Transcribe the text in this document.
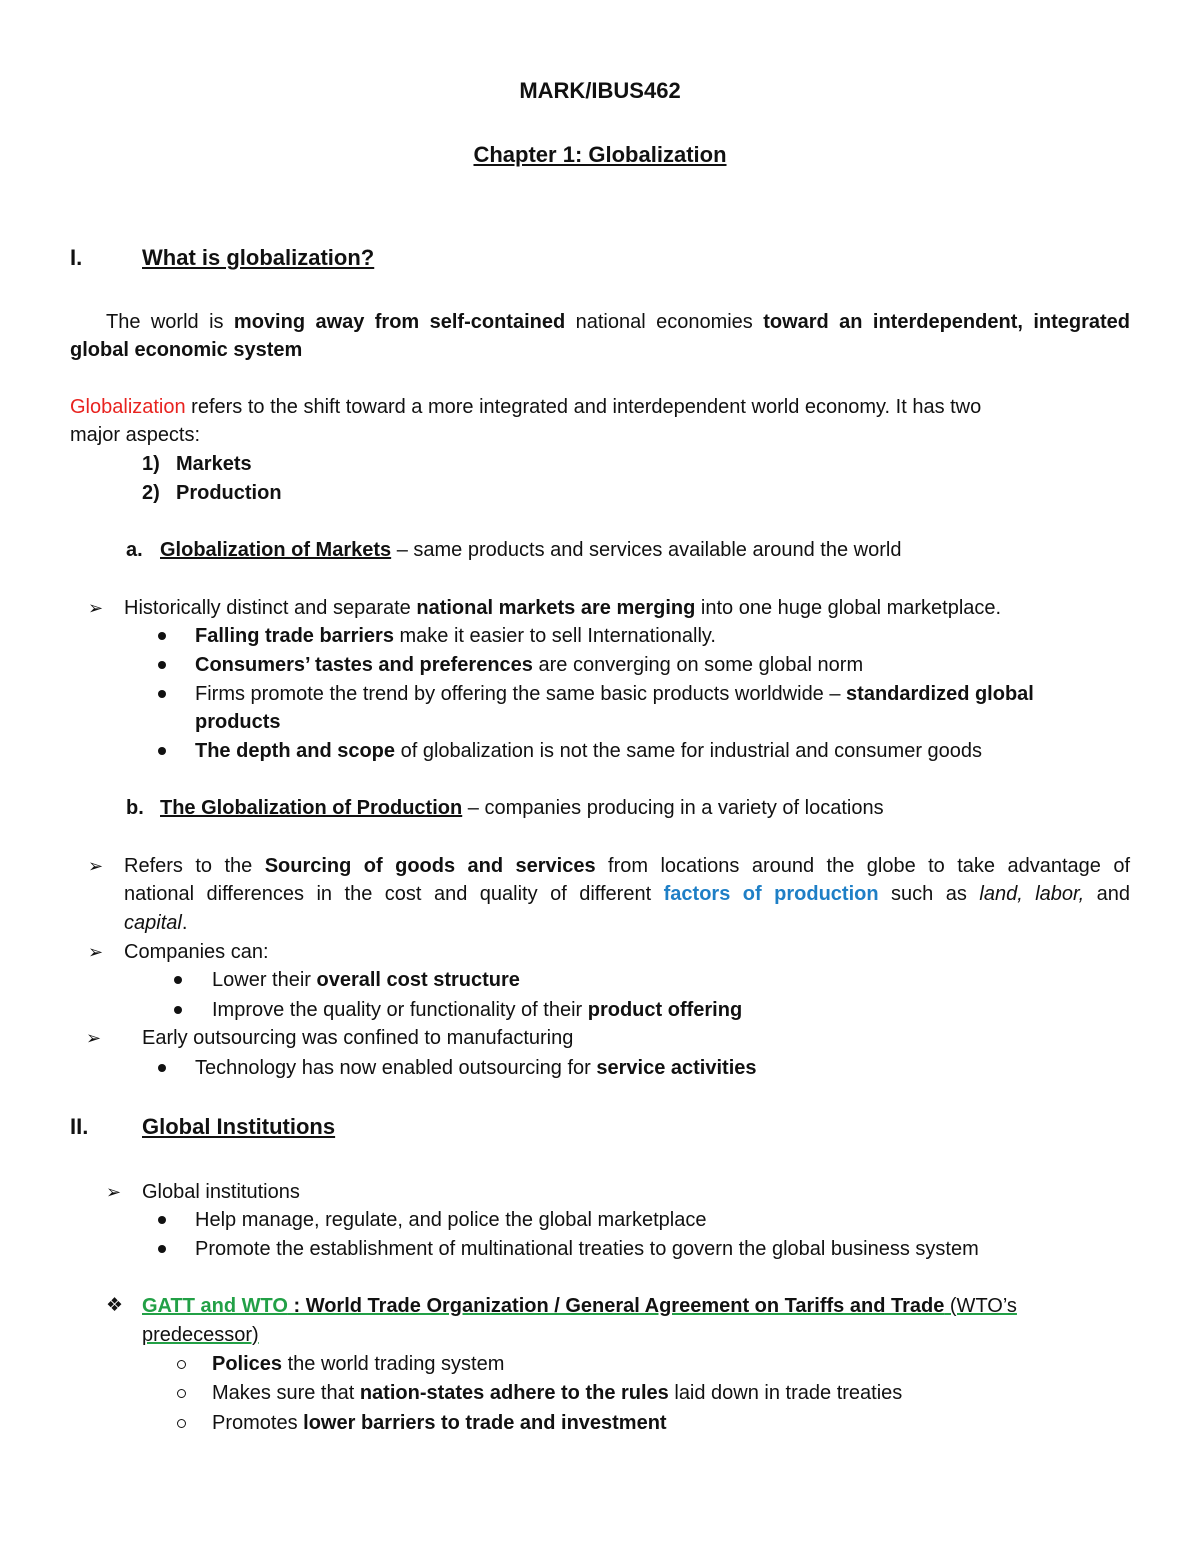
MARK/IBUS462
Chapter 1: Globalization
I.	What is globalization?
The world is moving away from self-contained national economies toward an interdependent, integrated
global economic system
Globalization refers to the shift toward a more integrated and interdependent world economy. It has two
major aspects:
1) Markets
2) Production
a. Globalization of Markets – same products and services available around the world
➢ Historically distinct and separate national markets are merging into one huge global marketplace.
Falling trade barriers make it easier to sell Internationally.
Consumers’ tastes and preferences are converging on some global norm
Firms promote the trend by offering the same basic products worldwide – standardized global
products
The depth and scope of globalization is not the same for industrial and consumer goods
b. The Globalization of Production – companies producing in a variety of locations
➢ Refers to the Sourcing of goods and services from locations around the globe to take advantage of
national differences in the cost and quality of different factors of production such as land, labor, and
capital.
➢ Companies can:
Lower their overall cost structure
Improve the quality or functionality of their product offering
➢ Early outsourcing was confined to manufacturing
Technology has now enabled outsourcing for service activities
II. Global Institutions
➢ Global institutions
Help manage, regulate, and police the global marketplace
Promote the establishment of multinational treaties to govern the global business system
❖ GATT and WTO : World Trade Organization / General Agreement on Tariffs and Trade (WTO’s
predecessor)
Polices the world trading system
Makes sure that nation-states adhere to the rules laid down in trade treaties
Promotes lower barriers to trade and investment
